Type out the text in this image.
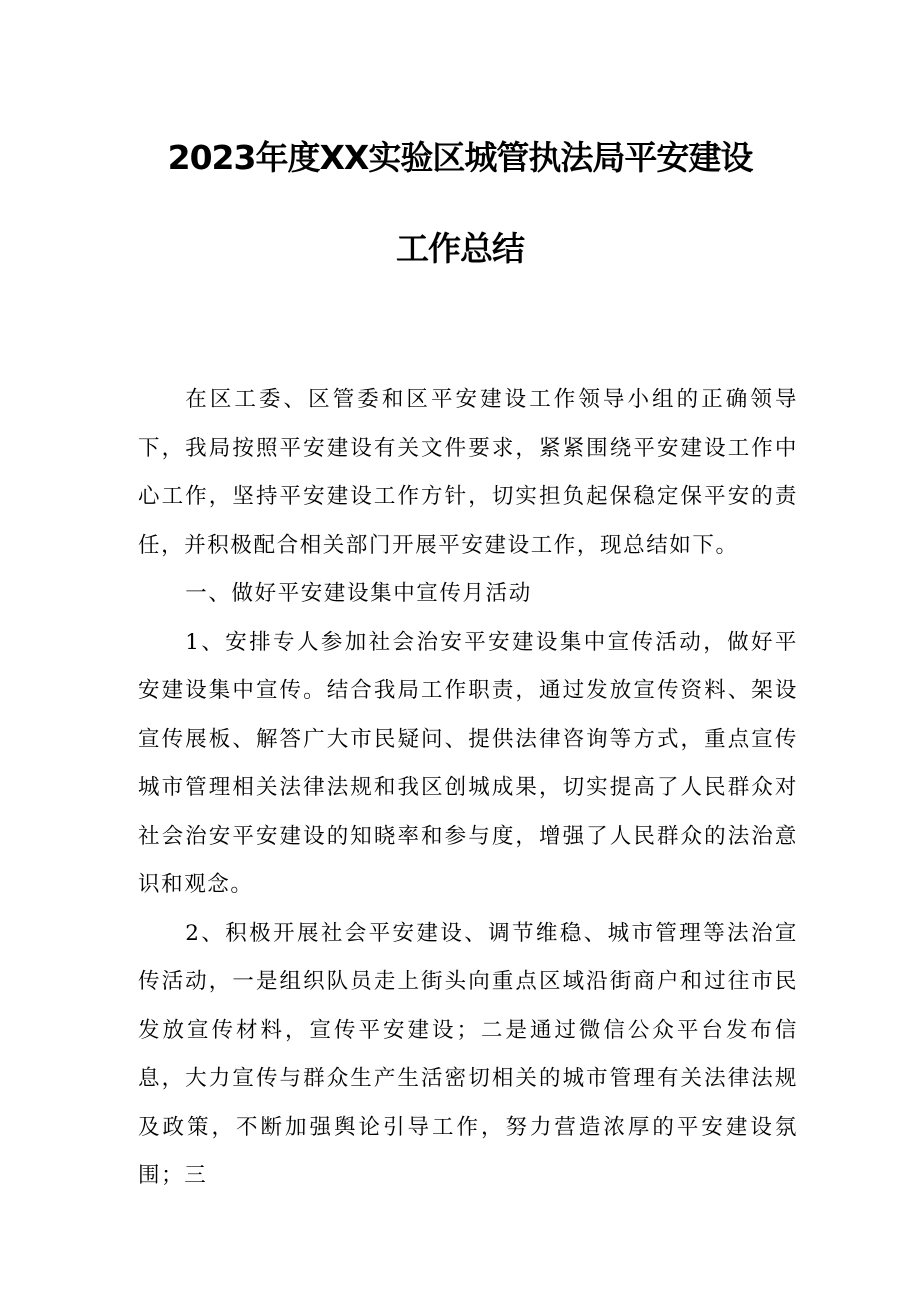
2023年度XX实验区城管执法局平安建设
工作总结

在区工委、区管委和区平安建设工作领导小组的正确领导下，我局按照平安建设有关文件要求，紧紧围绕平安建设工作中心工作，坚持平安建设工作方针，切实担负起保稳定保平安的责任，并积极配合相关部门开展平安建设工作，现总结如下。

一、做好平安建设集中宣传月活动

1、安排专人参加社会治安平安建设集中宣传活动，做好平安建设集中宣传。结合我局工作职责，通过发放宣传资料、架设宣传展板、解答广大市民疑问、提供法律咨询等方式，重点宣传城市管理相关法律法规和我区创城成果，切实提高了人民群众对社会治安平安建设的知晓率和参与度，增强了人民群众的法治意识和观念。

2、积极开展社会平安建设、调节维稳、城市管理等法治宣传活动，一是组织队员走上街头向重点区域沿街商户和过往市民发放宣传材料，宣传平安建设；二是通过微信公众平台发布信息，大力宣传与群众生产生活密切相关的城市管理有关法律法规及政策，不断加强舆论引导工作，努力营造浓厚的平安建设氛围；三
